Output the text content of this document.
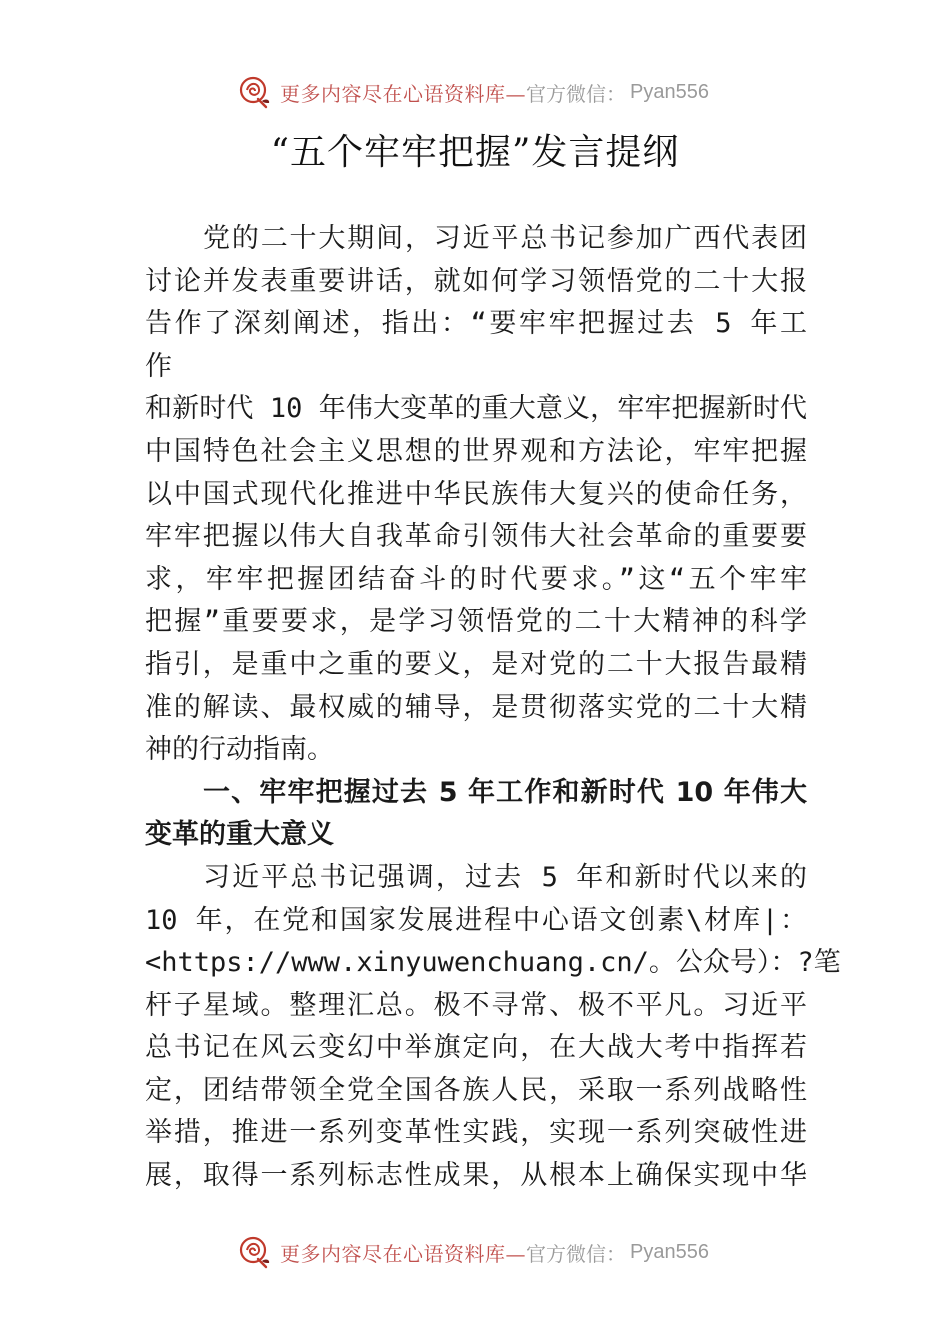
更多内容尽在心语资料库— 官方微信： Pyan556
“五个牢牢把握”发言提纲
党的二十大期间，习近平总书记参加广西代表团
讨论并发表重要讲话，就如何学习领悟党的二十大报
告作了深刻阐述，指出：“要牢牢把握过去 5 年工
作
和新时代 10 年伟大变革的重大意义，牢牢把握新时代
中国特色社会主义思想的世界观和方法论，牢牢把握
以中国式现代化推进中华民族伟大复兴的使命任务，
牢牢把握以伟大自我革命引领伟大社会革命的重要要
求，牢牢把握团结奋斗的时代要求。”这“五个牢牢
把握”重要要求，是学习领悟党的二十大精神的科学
指引，是重中之重的要义，是对党的二十大报告最精
准的解读、最权威的辅导，是贯彻落实党的二十大精
神的行动指南。
一、牢牢把握过去 5 年工作和新时代 10 年伟大
变革的重大意义
习近平总书记强调，过去 5 年和新时代以来的
10 年，在党和国家发展进程中心语文创素\材库|：
<https://www.xinyuwenchuang.cn/。公众号）：?笔
杆子星域。整理汇总。极不寻常、极不平凡。习近平
总书记在风云变幻中举旗定向，在大战大考中指挥若
定，团结带领全党全国各族人民，采取一系列战略性
举措，推进一系列变革性实践，实现一系列突破性进
展，取得一系列标志性成果，从根本上确保实现中华
更多内容尽在心语资料库— 官方微信： Pyan556
